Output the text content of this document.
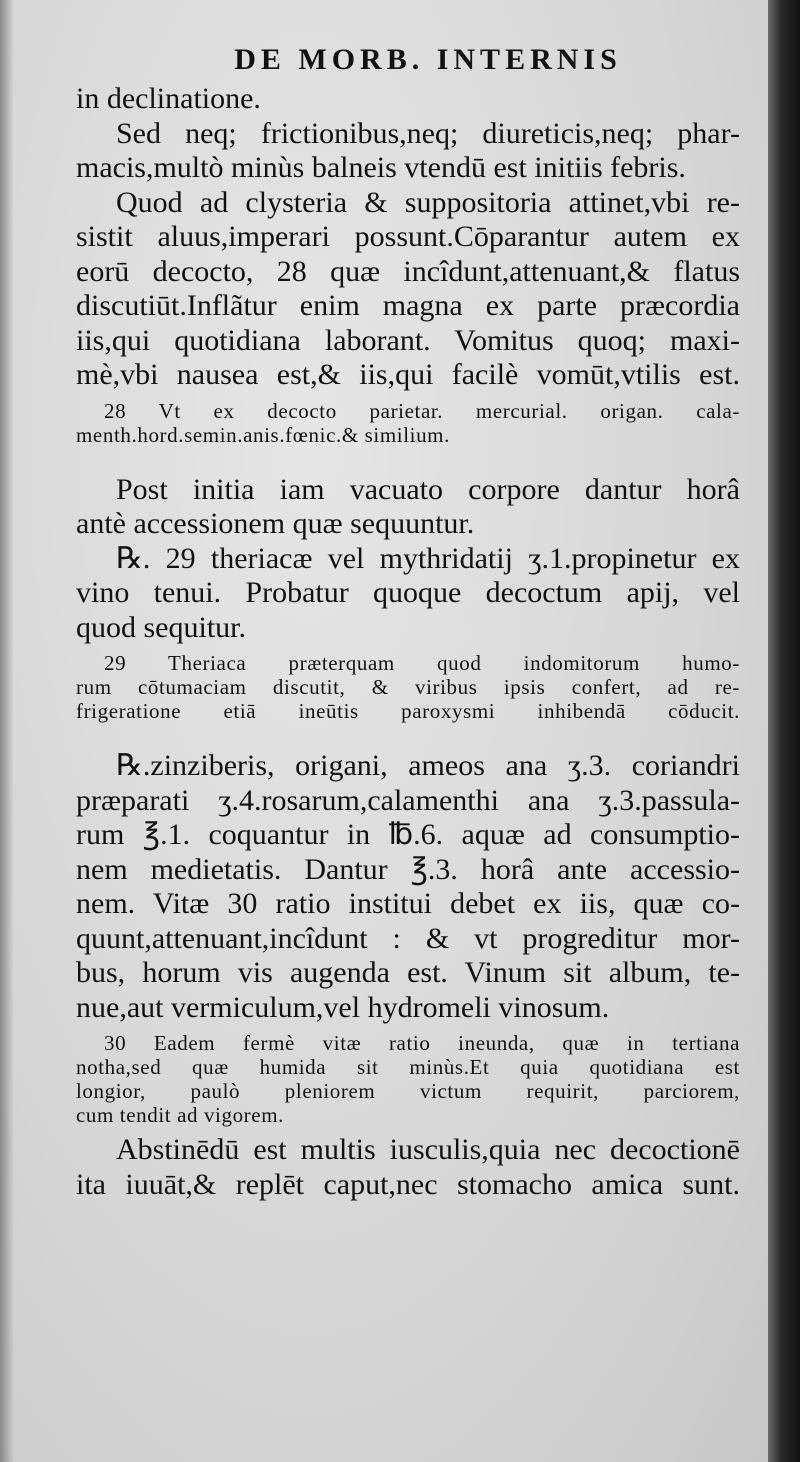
DE MORB. INTERNIS
in declinatione.
Sed neq; frictionibus,neq; diureticis,neq; phar-
macis,multò minùs balneis vtendū est initiis febris.
Quod ad clysteria & suppositoria attinet,vbi re-
sistit aluus,imperari possunt.Cōparantur autem ex
eorū decocto, 28 quæ incîdunt,attenuant,& flatus
discutiūt.Inflãtur enim magna ex parte præcordia
iis,qui quotidiana laborant. Vomitus quoq; maxi-
mè,vbi nausea est,& iis,qui facilè vomūt,vtilis est.
28 Vt ex decocto parietar. mercurial. origan. cala-
menth.hord.semin.anis.fœnic.& similium.
Post initia iam vacuato corpore dantur horâ
antè accessionem quæ sequuntur.
℞. 29 theriacæ vel mythridatij ʒ.1.propinetur ex
vino tenui. Probatur quoque decoctum apij, vel
quod sequitur.
29 Theriaca præterquam quod indomitorum humo-
rum cōtumaciam discutit, & viribus ipsis confert, ad re-
frigeratione etiā ineūtis paroxysmi inhibendā cōducit.
℞.zinziberis, origani, ameos ana ʒ.3. coriandri
præparati ʒ.4.rosarum,calamenthi ana ʒ.3.passula-
rum ℥.1. coquantur in ℔.6. aquæ ad consumptio-
nem medietatis. Dantur ℥.3. horâ ante accessio-
nem. Vitæ 30 ratio institui debet ex iis, quæ co-
quunt,attenuant,incîdunt : & vt progreditur mor-
bus, horum vis augenda est. Vinum sit album, te-
nue,aut vermiculum,vel hydromeli vinosum.
30 Eadem fermè vitæ ratio ineunda, quæ in tertiana
notha,sed quæ humida sit minùs.Et quia quotidiana est
longior, paulò pleniorem victum requirit, parciorem,
cum tendit ad vigorem.
Abstinēdū est multis iusculis,quia nec decoctionē
ita iuuāt,& replēt caput,nec stomacho amica sunt.
